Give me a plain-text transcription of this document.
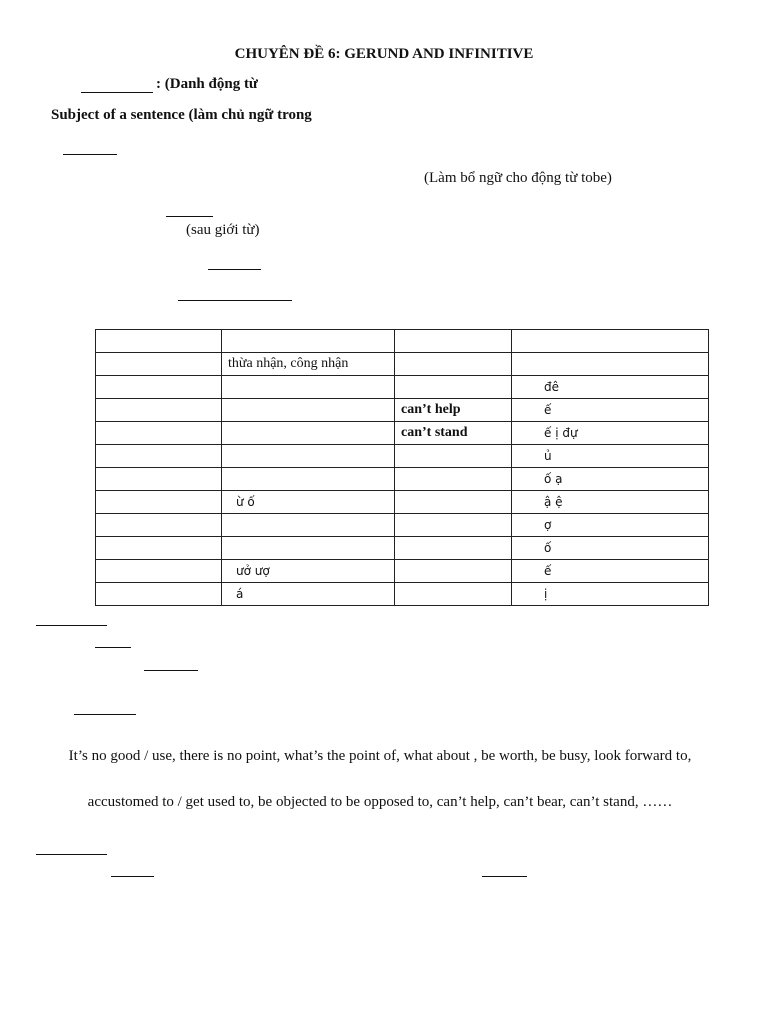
CHUYÊN ĐỀ 6: GERUND AND INFINITIVE
: (Danh động từ
Subject of a sentence (làm chủ ngữ trong
(Làm bổ ngữ cho động từ tobe)
(sau giới từ)

	thừa nhận, công nhận		
			đê
		can’t help	ế
		can’t stand	ế ị đự
			ủ
			ố ạ
	ừ ố		ậ ệ
			ợ
			ố
	ưở ượ		ế
	á		ị
It’s no good / use, there is no point, what’s the point of, what about , be worth, be busy, look forward to,
accustomed to / get used to, be objected to be opposed to, can’t help, can’t bear, can’t stand, ……
